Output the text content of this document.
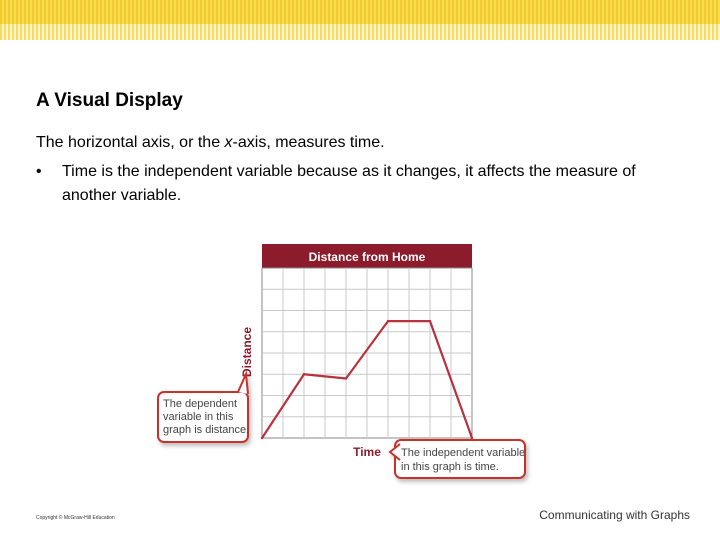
A Visual Display
The horizontal axis, or the x-axis, measures time.
• Time is the independent variable because as it changes, it affects the measure of another variable.
Distance from Home
Distance
Time
The dependent variable in this graph is distance.
The independent variable in this graph is time.
Copyright © McGraw-Hill Education	Communicating with Graphs
